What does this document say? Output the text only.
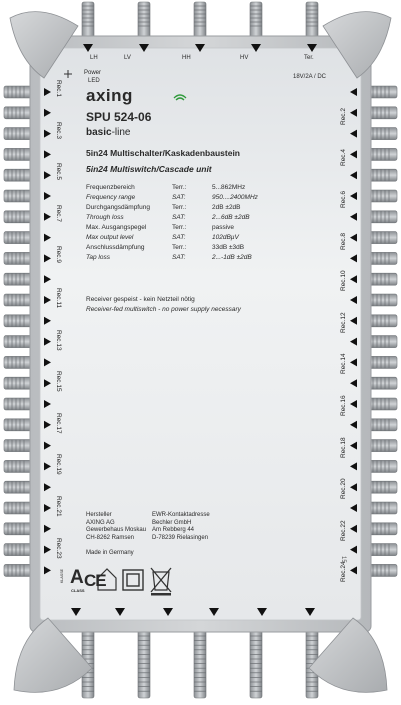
LH	LV	HH	HV	Ter.
Power
LED
18V/2A / DC
axing
SPU 524-06
basic-line
5in24 Multischalter/Kaskadenbaustein
5in24 Multiswitch/Cascade unit
Frequenzbereich	Terr.:	5...862MHz
Frequency range	SAT:	950....2400MHz
Durchgangsdämpfung	Terr.:	2dB ±2dB
Through loss	SAT:	2...6dB ±2dB
Max. Ausgangspegel	Terr.:	passive
Max output level	SAT:	102dBµV
Anschlussdämpfung	Terr.:	33dB ±3dB
Tap loss	SAT:	2...-1dB ±2dB
Receiver gespeist - kein Netzteil nötig
Receiver-fed multiswitch - no power supply necessary
Rec.1
Rec.3
Rec.5
Rec.7
Rec.9
Rec.11
Rec.13
Rec.15
Rec.17
Rec.19
Rec.21
Rec.23
Rec.2
Rec.4
Rec.6
Rec.8
Rec.10
Rec.12
Rec.14
Rec.16
Rec.18
Rec.20
Rec.22
Rec.24
Hersteller
AXING AG
Gewerbehaus Moskau
CH-8262 Ramsen
EWR-Kontaktadresse
Bechler GmbH
Am Rebberg 44
D-78239 Rielasingen
Made in Germany
CE
A
CLASS
15
KLASSE
